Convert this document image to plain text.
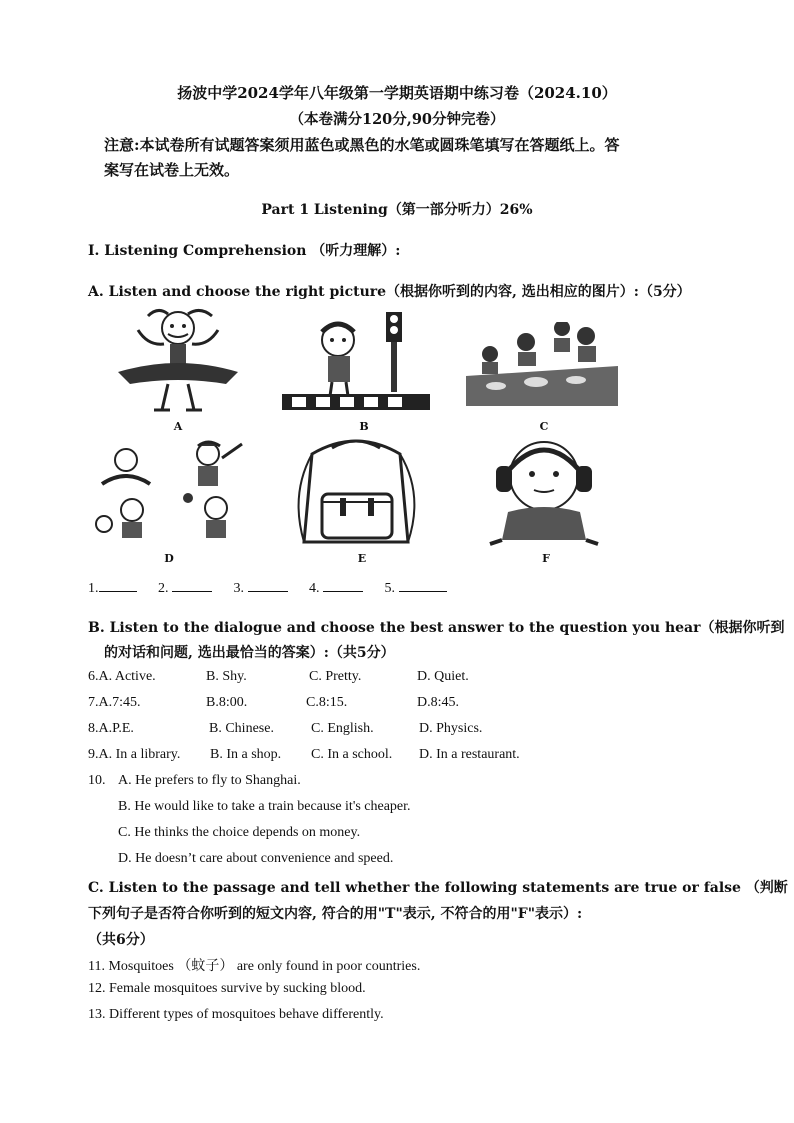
扬波中学2024学年八年级第一学期英语期中练习卷（2024.10）
（本卷满分120分,90分钟完卷）
注意:本试卷所有试题答案须用蓝色或黑色的水笔或圆珠笔填写在答题纸上。答
案写在试卷上无效。
Part 1 Listening（第一部分听力）26%
I. Listening Comprehension （听力理解）:
A. Listen and choose the right picture（根据你听到的内容, 选出相应的图片）:（5分）
A	B	C
D	E	F
1.	2.	3.	4.	5.
B. Listen to the dialogue and choose the best answer to the question you hear（根据你听到
的对话和问题, 选出最恰当的答案）:（共5分）
6.A. Active.	B. Shy.	C. Pretty.	D. Quiet.
7.A.7:45.	B.8:00.	C.8:15.	D.8:45.
8.A.P.E.	B. Chinese.	C. English.	D. Physics.
9.A. In a library. B. In a shop. C. In a school. D. In a restaurant.
10. A. He prefers to fly to Shanghai.
B. He would like to take a train because it's cheaper.
C. He thinks the choice depends on money.
D. He doesn’t care about convenience and speed.
C. Listen to the passage and tell whether the following statements are true or false （判断
下列句子是否符合你听到的短文内容, 符合的用"T"表示, 不符合的用"F"表示）:
（共6分）
11. Mosquitoes （蚊子） are only found in poor countries.
12. Female mosquitoes survive by sucking blood.
13. Different types of mosquitoes behave differently.
